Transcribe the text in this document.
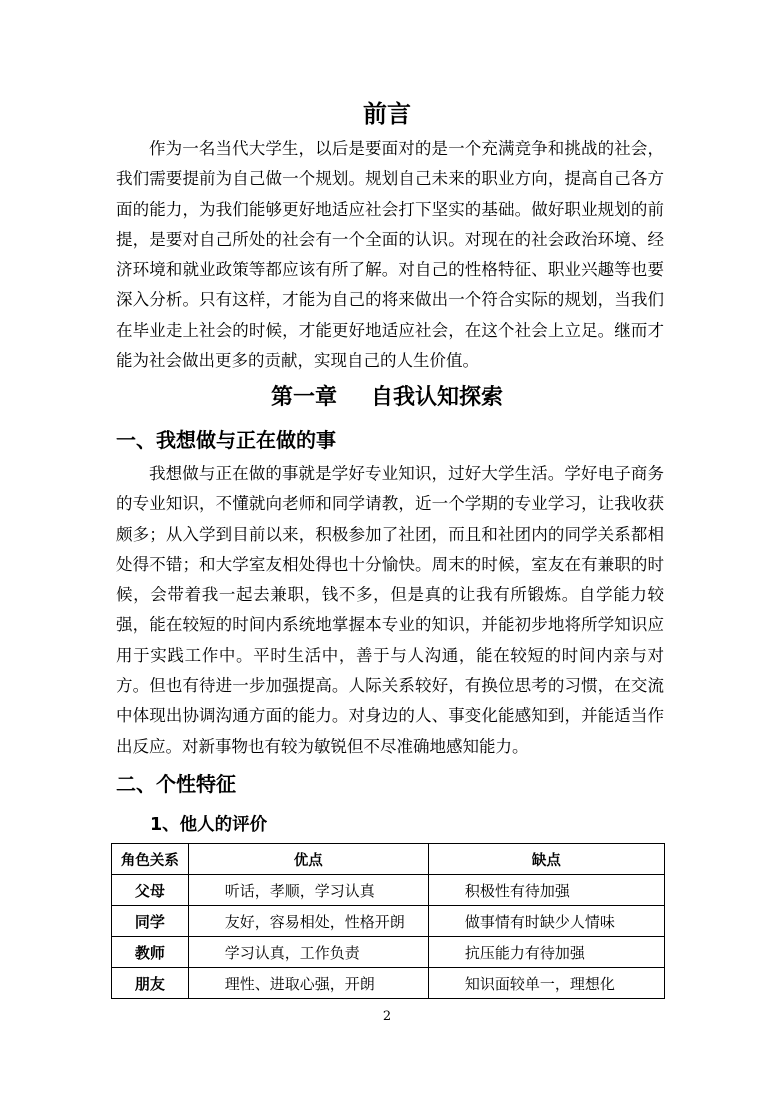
前言

作为一名当代大学生，以后是要面对的是一个充满竞争和挑战的社会，我们需要提前为自己做一个规划。规划自己未来的职业方向，提高自己各方面的能力，为我们能够更好地适应社会打下坚实的基础。做好职业规划的前提，是要对自己所处的社会有一个全面的认识。对现在的社会政治环境、经济环境和就业政策等都应该有所了解。对自己的性格特征、职业兴趣等也要深入分析。只有这样，才能为自己的将来做出一个符合实际的规划，当我们在毕业走上社会的时候，才能更好地适应社会，在这个社会上立足。继而才能为社会做出更多的贡献，实现自己的人生价值。

第一章 自我认知探索
一、我想做与正在做的事

我想做与正在做的事就是学好专业知识，过好大学生活。学好电子商务的专业知识，不懂就向老师和同学请教，近一个学期的专业学习，让我收获颇多；从入学到目前以来，积极参加了社团，而且和社团内的同学关系都相处得不错；和大学室友相处得也十分愉快。周末的时候，室友在有兼职的时候，会带着我一起去兼职，钱不多，但是真的让我有所锻炼。自学能力较强，能在较短的时间内系统地掌握本专业的知识，并能初步地将所学知识应用于实践工作中。平时生活中，善于与人沟通，能在较短的时间内亲与对方。但也有待进一步加强提高。人际关系较好，有换位思考的习惯，在交流中体现出协调沟通方面的能力。对身边的人、事变化能感知到，并能适当作出反应。对新事物也有较为敏锐但不尽准确地感知能力。

二、个性特征
1、他人的评价
角色关系	优点	缺点
父母	听话，孝顺，学习认真	积极性有待加强
同学	友好，容易相处，性格开朗	做事情有时缺少人情味
教师	学习认真，工作负责	抗压能力有待加强
朋友	理性、进取心强，开朗	知识面较单一，理想化
2
